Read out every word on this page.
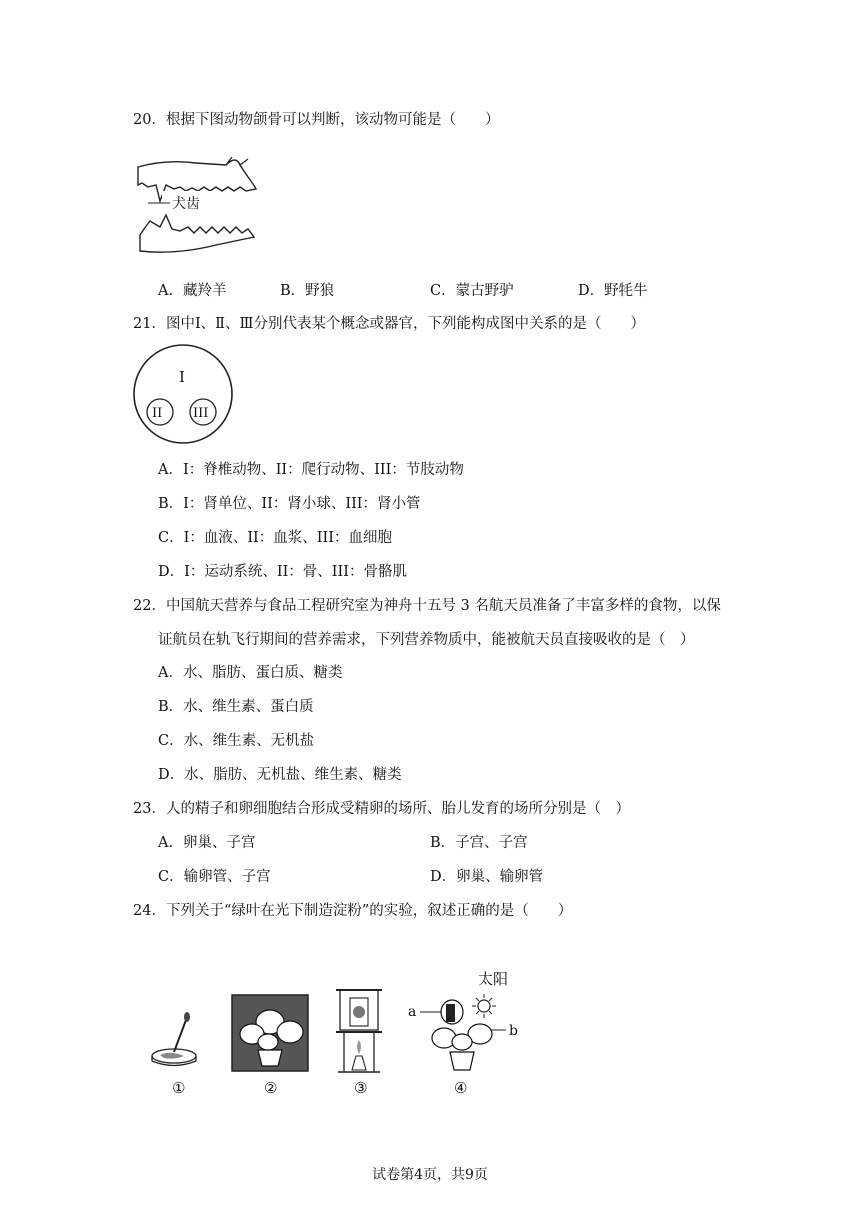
20．根据下图动物颌骨可以判断，该动物可能是（　　）
犬齿
A．藏羚羊	B．野狼	C．蒙古野驴	D．野牦牛
21．图中Ⅰ、Ⅱ、Ⅲ分别代表某个概念或器官，下列能构成图中关系的是（　　）
I
II III
A．I：脊椎动物、II：爬行动物、III：节肢动物
B．I：肾单位、II：肾小球、III：肾小管
C．I：血液、II：血浆、III：血细胞
D．I：运动系统、II：骨、III：骨骼肌
22．中国航天营养与食品工程研究室为神舟十五号 3 名航天员准备了丰富多样的食物，以保
证航员在轨飞行期间的营养需求，下列营养物质中，能被航天员直接吸收的是（　）
A．水、脂肪、蛋白质、糖类
B．水、维生素、蛋白质
C．水、维生素、无机盐
D．水、脂肪、无机盐、维生素、糖类
23．人的精子和卵细胞结合形成受精卵的场所、胎儿发育的场所分别是（　）
A．卵巢、子宫	B．子宫、子宫
C．输卵管、子宫	D．卵巢、输卵管
24．下列关于“绿叶在光下制造淀粉”的实验，叙述正确的是（　　）
①	②	③
太阳
a
b
④
试卷第4页，共9页
